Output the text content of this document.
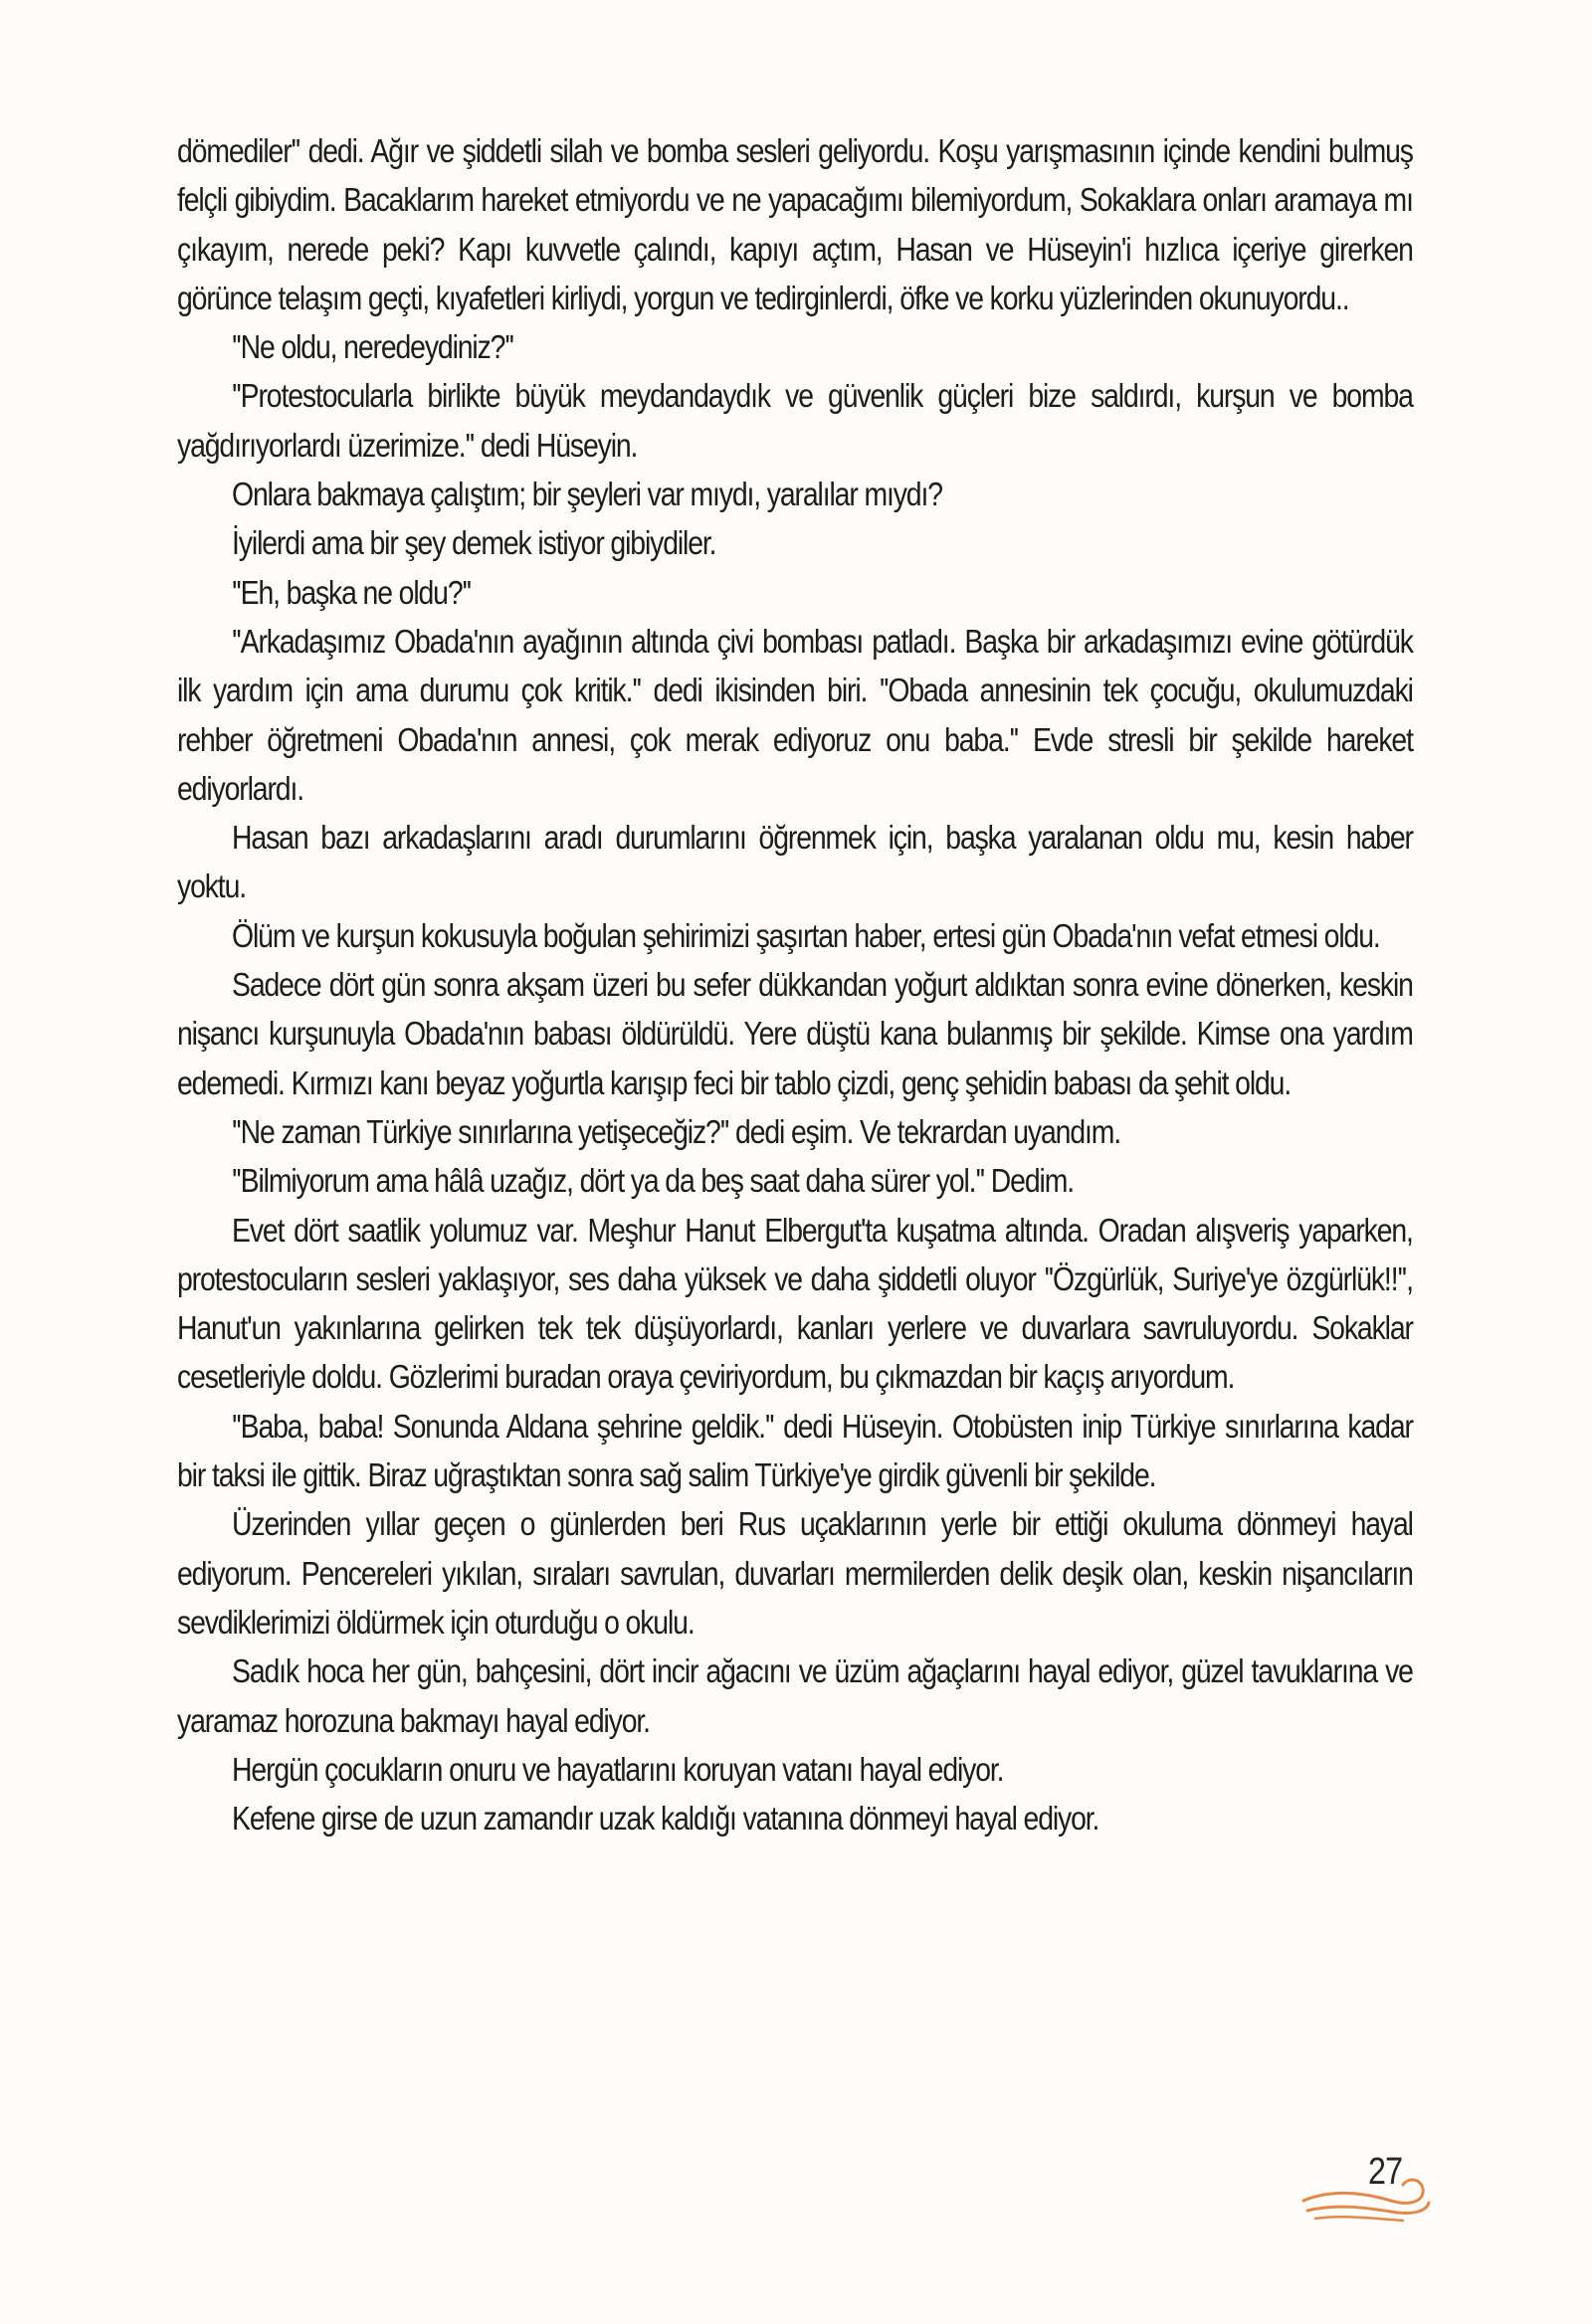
dömediler'' dedi. Ağır ve şiddetli silah ve bomba sesleri geliyordu. Koşu yarışmasının içinde kendini bulmuş felçli gibiydim. Bacaklarım hareket etmiyordu ve ne yapacağımı bilemiyordum, Sokaklara onları aramaya mı çıkayım, nerede peki? Kapı kuvvetle çalındı, kapıyı açtım, Hasan ve Hüseyin'i hızlıca içeriye girerken görünce telaşım geçti, kıyafetleri kirliydi, yorgun ve tedirginlerdi, öfke ve korku yüzlerinden okunuyordu..

''Ne oldu, neredeydiniz?''

''Protestocularla birlikte büyük meydandaydık ve güvenlik güçleri bize saldırdı, kurşun ve bomba yağdırıyorlardı üzerimize.'' dedi Hüseyin.

Onlara bakmaya çalıştım; bir şeyleri var mıydı, yaralılar mıydı?

İyilerdi ama bir şey demek istiyor gibiydiler.

''Eh, başka ne oldu?''

''Arkadaşımız Obada'nın ayağının altında çivi bombası patladı. Başka bir arkadaşımızı evine götürdük ilk yardım için ama durumu çok kritik.'' dedi ikisinden biri. ''Obada annesinin tek çocuğu, okulumuzdaki rehber öğretmeni Obada'nın annesi, çok merak ediyoruz onu baba.'' Evde stresli bir şekilde hareket ediyorlardı.

Hasan bazı arkadaşlarını aradı durumlarını öğrenmek için, başka yaralanan oldu mu, kesin haber yoktu.

Ölüm ve kurşun kokusuyla boğulan şehirimizi şaşırtan haber, ertesi gün Obada'nın vefat etmesi oldu.

Sadece dört gün sonra akşam üzeri bu sefer dükkandan yoğurt aldıktan sonra evine dönerken, keskin nişancı kurşunuyla Obada'nın babası öldürüldü. Yere düştü kana bulanmış bir şekilde. Kimse ona yardım edemedi. Kırmızı kanı beyaz yoğurtla karışıp feci bir tablo çizdi, genç şehidin babası da şehit oldu.

''Ne zaman Türkiye sınırlarına yetişeceğiz?'' dedi eşim. Ve tekrardan uyandım.

''Bilmiyorum ama hâlâ uzağız, dört ya da beş saat daha sürer yol.'' Dedim.

Evet dört saatlik yolumuz var. Meşhur Hanut Elbergut'ta kuşatma altında. Oradan alışveriş yaparken, protestocuların sesleri yaklaşıyor, ses daha yüksek ve daha şiddetli oluyor ''Özgürlük, Suriye'ye özgürlük!!'', Hanut'un yakınlarına gelirken tek tek düşüyorlardı, kanları yerlere ve duvarlara savruluyordu. Sokaklar cesetleriyle doldu. Gözlerimi buradan oraya çeviriyordum, bu çıkmazdan bir kaçış arıyordum.

''Baba, baba! Sonunda Aldana şehrine geldik.'' dedi Hüseyin. Otobüsten inip Türkiye sınırlarına kadar bir taksi ile gittik. Biraz uğraştıktan sonra sağ salim Türkiye'ye girdik güvenli bir şekilde.

Üzerinden yıllar geçen o günlerden beri Rus uçaklarının yerle bir ettiği okuluma dönmeyi hayal ediyorum. Pencereleri yıkılan, sıraları savrulan, duvarları mermilerden delik deşik olan, keskin nişancıların sevdiklerimizi öldürmek için oturduğu o okulu.

Sadık hoca her gün, bahçesini, dört incir ağacını ve üzüm ağaçlarını hayal ediyor, güzel tavuklarına ve yaramaz horozuna bakmayı hayal ediyor.

Hergün çocukların onuru ve hayatlarını koruyan vatanı hayal ediyor.

Kefene girse de uzun zamandır uzak kaldığı vatanına dönmeyi hayal ediyor.

27
